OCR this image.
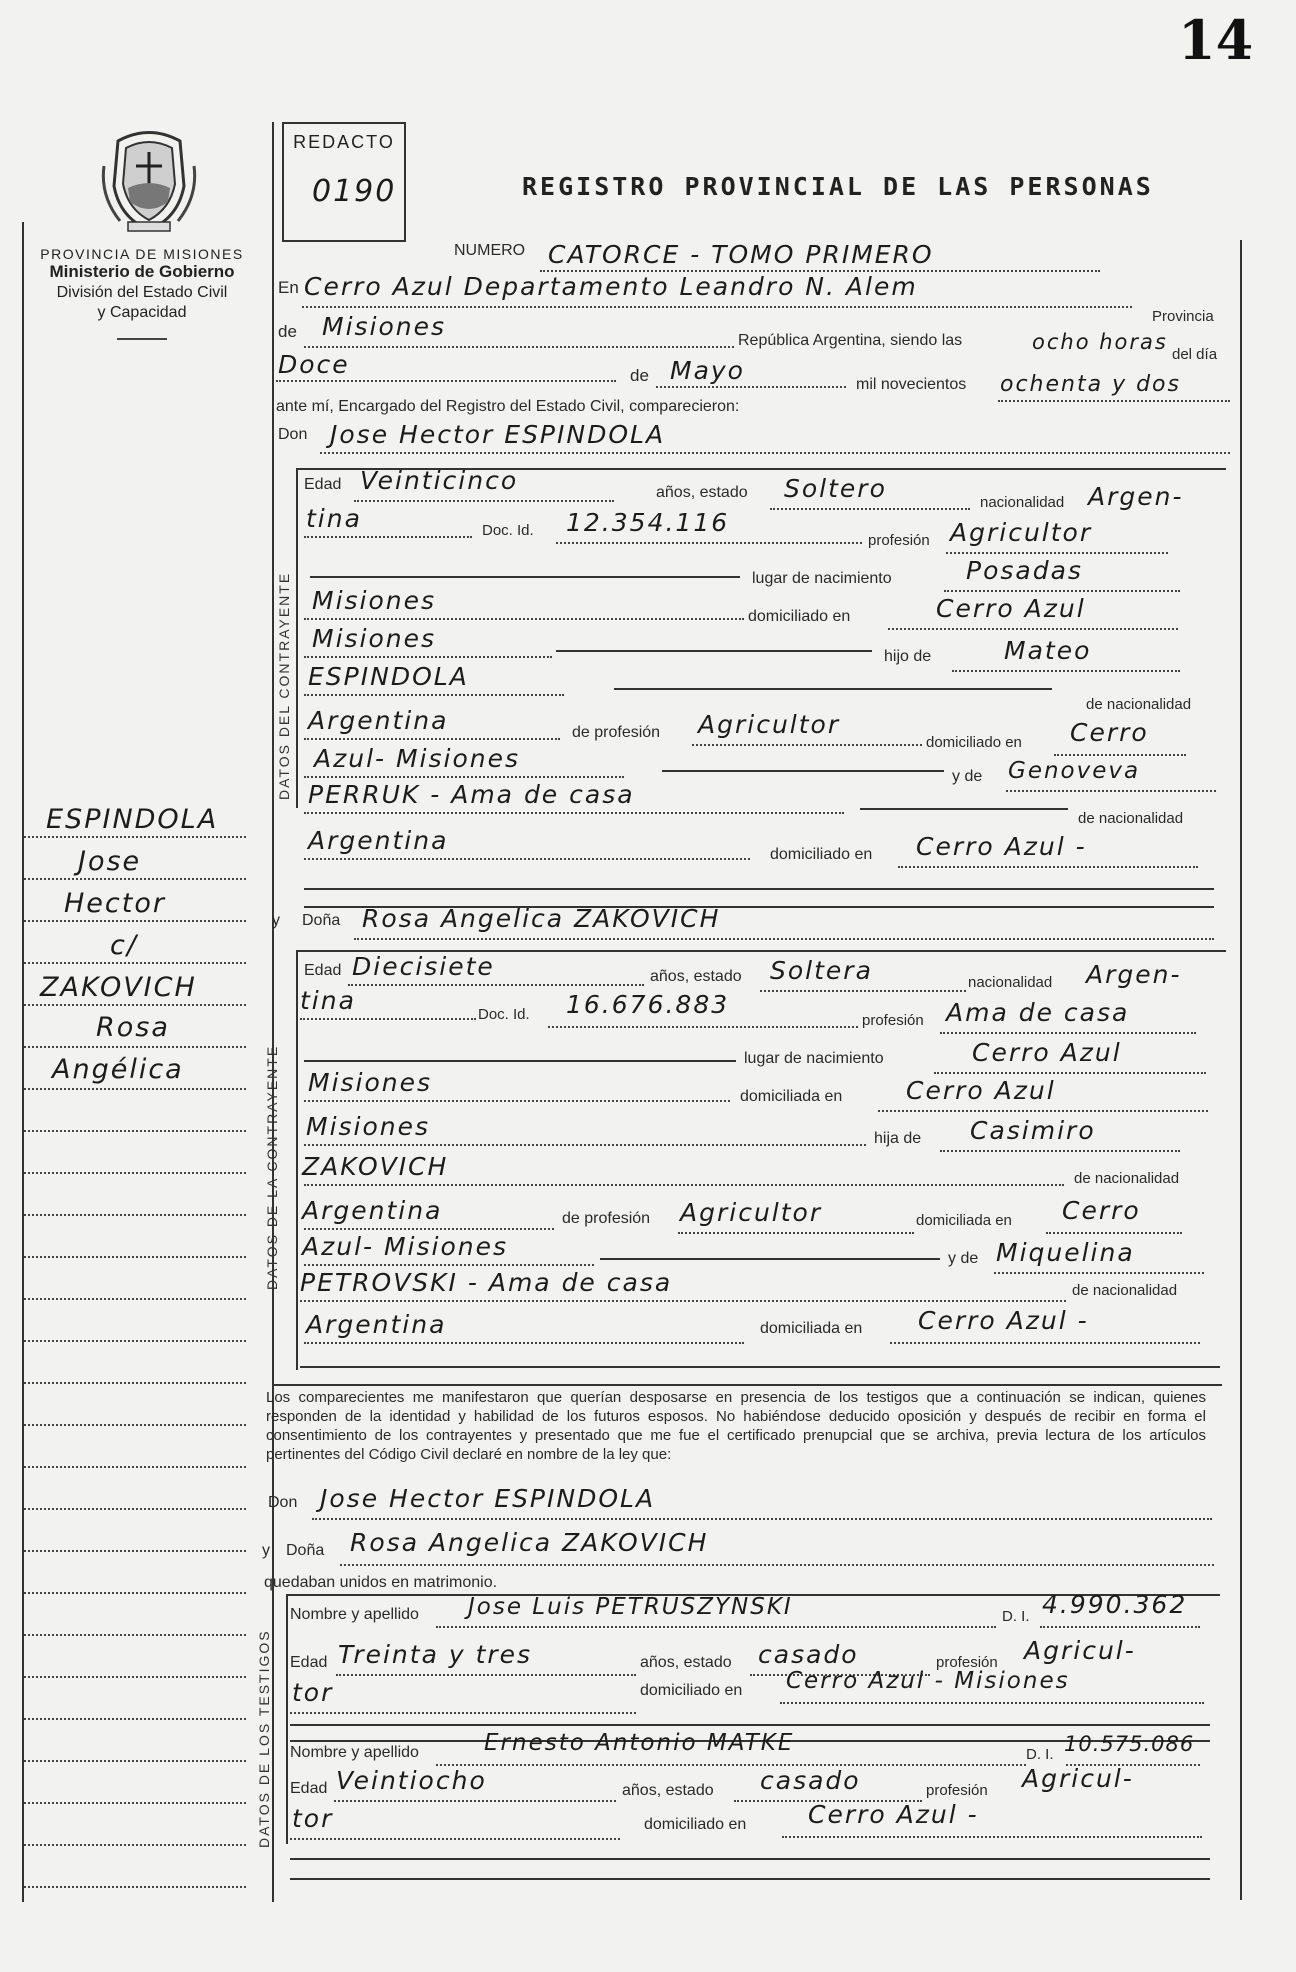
14
PROVINCIA DE MISIONES
Ministerio de Gobierno
División del Estado Civil
y Capacidad
REDACTO
0190	REGISTRO PROVINCIAL DE LAS PERSONAS
ESPINDOLA
Jose
Hector
c/
ZAKOVICH
Rosa
Angélica
NUMERO CATORCE - TOMO PRIMERO
En Cerro Azul Departamento Leandro N. Alem
Provincia
de Misiones	República Argentina, siendo las	ocho horas
del día
Doce	de Mayo	mil novecientos ochenta y dos
ante mí, Encargado del Registro del Estado Civil, comparecieron:
Don Jose Hector ESPINDOLA
DATOS DEL CONTRAYENTE
Edad Veinticinco	años, estado Soltero	nacionalidad Argen-
tina	Doc. Id. 12.354.116
profesión Agricultor
lugar de nacimiento	Posadas
Misiones
domiciliado en	Cerro Azul
Misiones
hijo de	Mateo
ESPINDOLA
de nacionalidad
Argentina	de profesión Agricultor
domiciliado en Cerro
Azul- Misiones
y de Genoveva
PERRUK - Ama de casa
de nacionalidad
Argentina	domiciliado en Cerro Azul -
y Doña Rosa Angelica ZAKOVICH
DATOS DE LA CONTRAYENTE
Edad Diecisiete	años, estado Soltera	nacionalidad Argen-
tina	Doc. Id. 16.676.883
profesión Ama de casa
lugar de nacimiento	Cerro Azul
Misiones	domiciliada en	Cerro Azul
Misiones	hija de Casimiro
ZAKOVICH	de nacionalidad
Argentina	de profesión Agricultor	domiciliada en Cerro
Azul- Misiones	y de Miquelina
PETROVSKI - Ama de casa	de nacionalidad
Argentina	domiciliada en Cerro Azul -
Los comparecientes me manifestaron que querían desposarse en presencia de los testigos que a continuación se indican, quienes responden de la identidad y habilidad de los futuros esposos. No habiéndose deducido oposición y después de recibir en forma el consentimiento de los contrayentes y presentado que me fue el certificado prenupcial que se archiva, previa lectura de los artículos pertinentes del Código Civil declaré en nombre de la ley que:
Don Jose Hector ESPINDOLA
y Doña Rosa Angelica ZAKOVICH
quedaban unidos en matrimonio.
DATOS DE LOS TESTIGOS
Nombre y apellido Jose Luis PETRUSZYNSKI	D. I. 4.990.362
Edad Treinta y tres	años, estado casado	profesión Agricul-
tor	domiciliado en Cerro Azul - Misiones
Nombre y apellido	Ernesto Antonio MATKE	D. I. 10.575.086
Edad Veintiocho	años, estado casado	profesión Agricul-
tor	domiciliado en Cerro Azul -
